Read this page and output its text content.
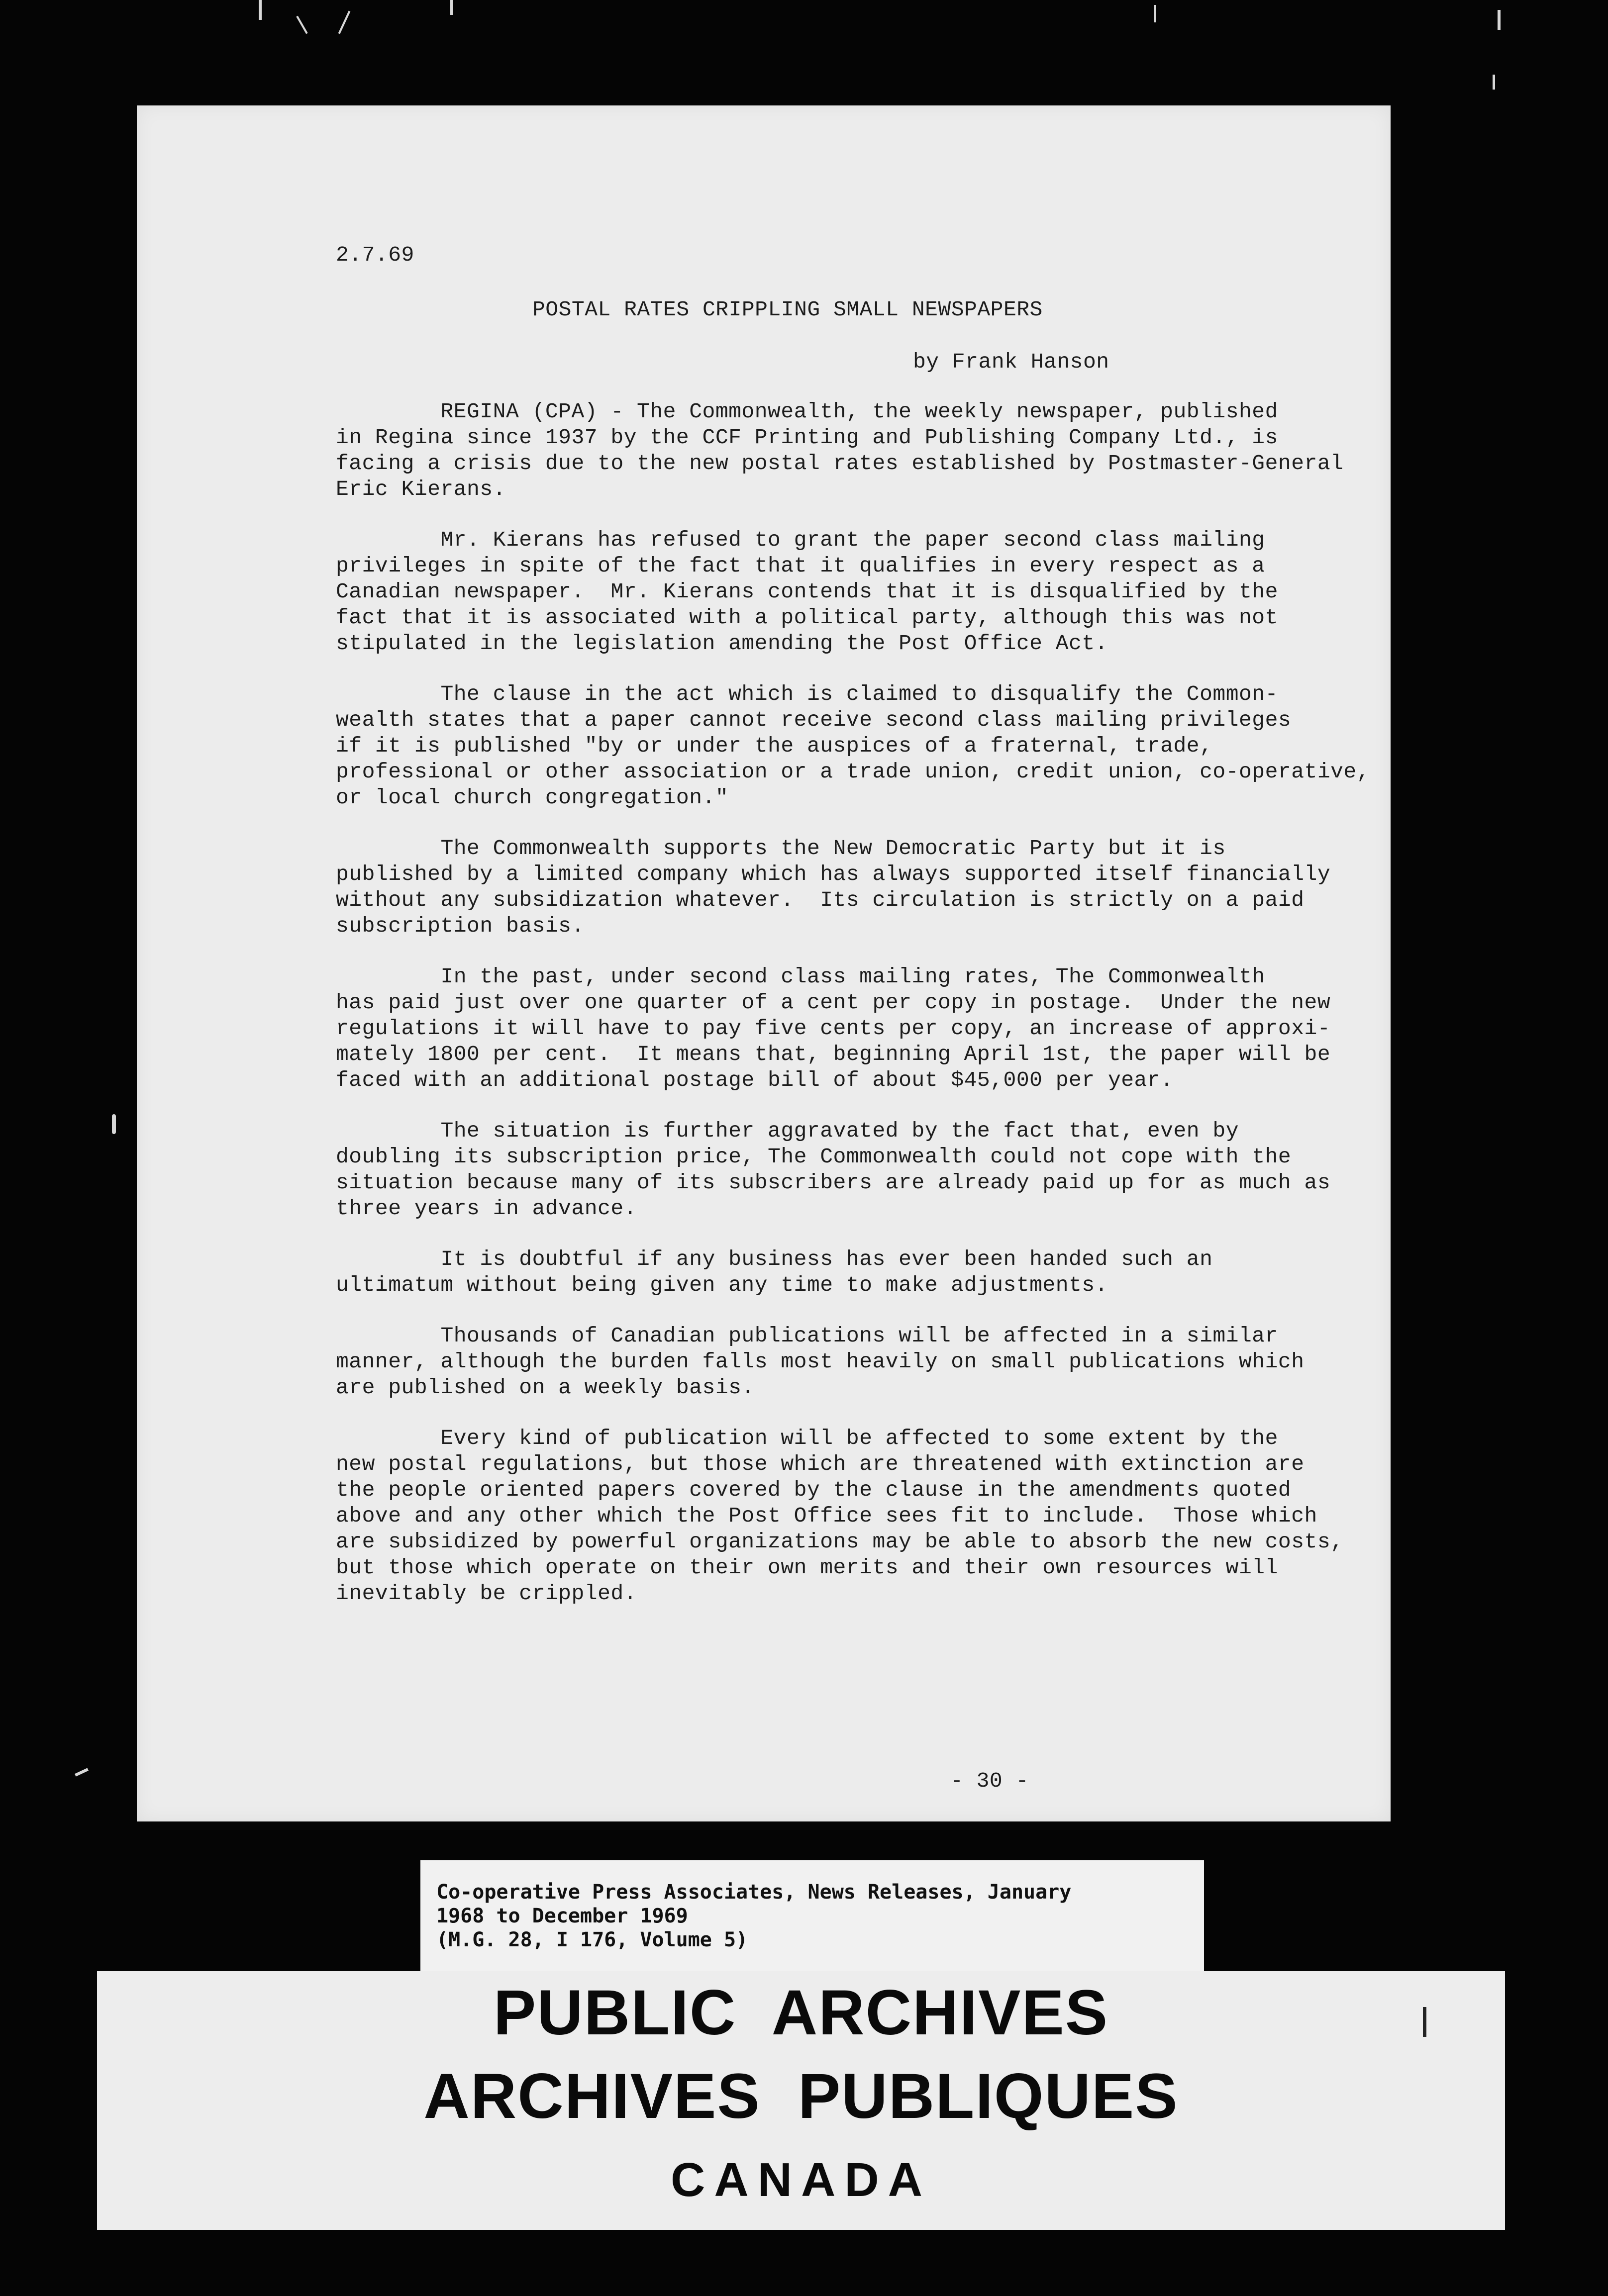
2.7.69
POSTAL RATES CRIPPLING SMALL NEWSPAPERS
by Frank Hanson

REGINA (CPA) - The Commonwealth, the weekly newspaper, published
in Regina since 1937 by the CCF Printing and Publishing Company Ltd., is
facing a crisis due to the new postal rates established by Postmaster-General
Eric Kierans.

Mr. Kierans has refused to grant the paper second class mailing
privileges in spite of the fact that it qualifies in every respect as a
Canadian newspaper.  Mr. Kierans contends that it is disqualified by the
fact that it is associated with a political party, although this was not
stipulated in the legislation amending the Post Office Act.

The clause in the act which is claimed to disqualify the Common-
wealth states that a paper cannot receive second class mailing privileges
if it is published "by or under the auspices of a fraternal, trade,
professional or other association or a trade union, credit union, co-operative,
or local church congregation."

The Commonwealth supports the New Democratic Party but it is
published by a limited company which has always supported itself financially
without any subsidization whatever.  Its circulation is strictly on a paid
subscription basis.

In the past, under second class mailing rates, The Commonwealth
has paid just over one quarter of a cent per copy in postage.  Under the new
regulations it will have to pay five cents per copy, an increase of approxi-
mately 1800 per cent.  It means that, beginning April 1st, the paper will be
faced with an additional postage bill of about $45,000 per year.

The situation is further aggravated by the fact that, even by
doubling its subscription price, The Commonwealth could not cope with the
situation because many of its subscribers are already paid up for as much as
three years in advance.

It is doubtful if any business has ever been handed such an
ultimatum without being given any time to make adjustments.

Thousands of Canadian publications will be affected in a similar
manner, although the burden falls most heavily on small publications which
are published on a weekly basis.

Every kind of publication will be affected to some extent by the
new postal regulations, but those which are threatened with extinction are
the people oriented papers covered by the clause in the amendments quoted
above and any other which the Post Office sees fit to include.  Those which
are subsidized by powerful organizations may be able to absorb the new costs,
but those which operate on their own merits and their own resources will
inevitably be crippled.

- 30 -
Co-operative Press Associates, News Releases, January
1968 to December 1969
(M.G. 28, I 176, Volume 5)
PUBLIC  ARCHIVES
ARCHIVES  PUBLIQUES
CANADA
